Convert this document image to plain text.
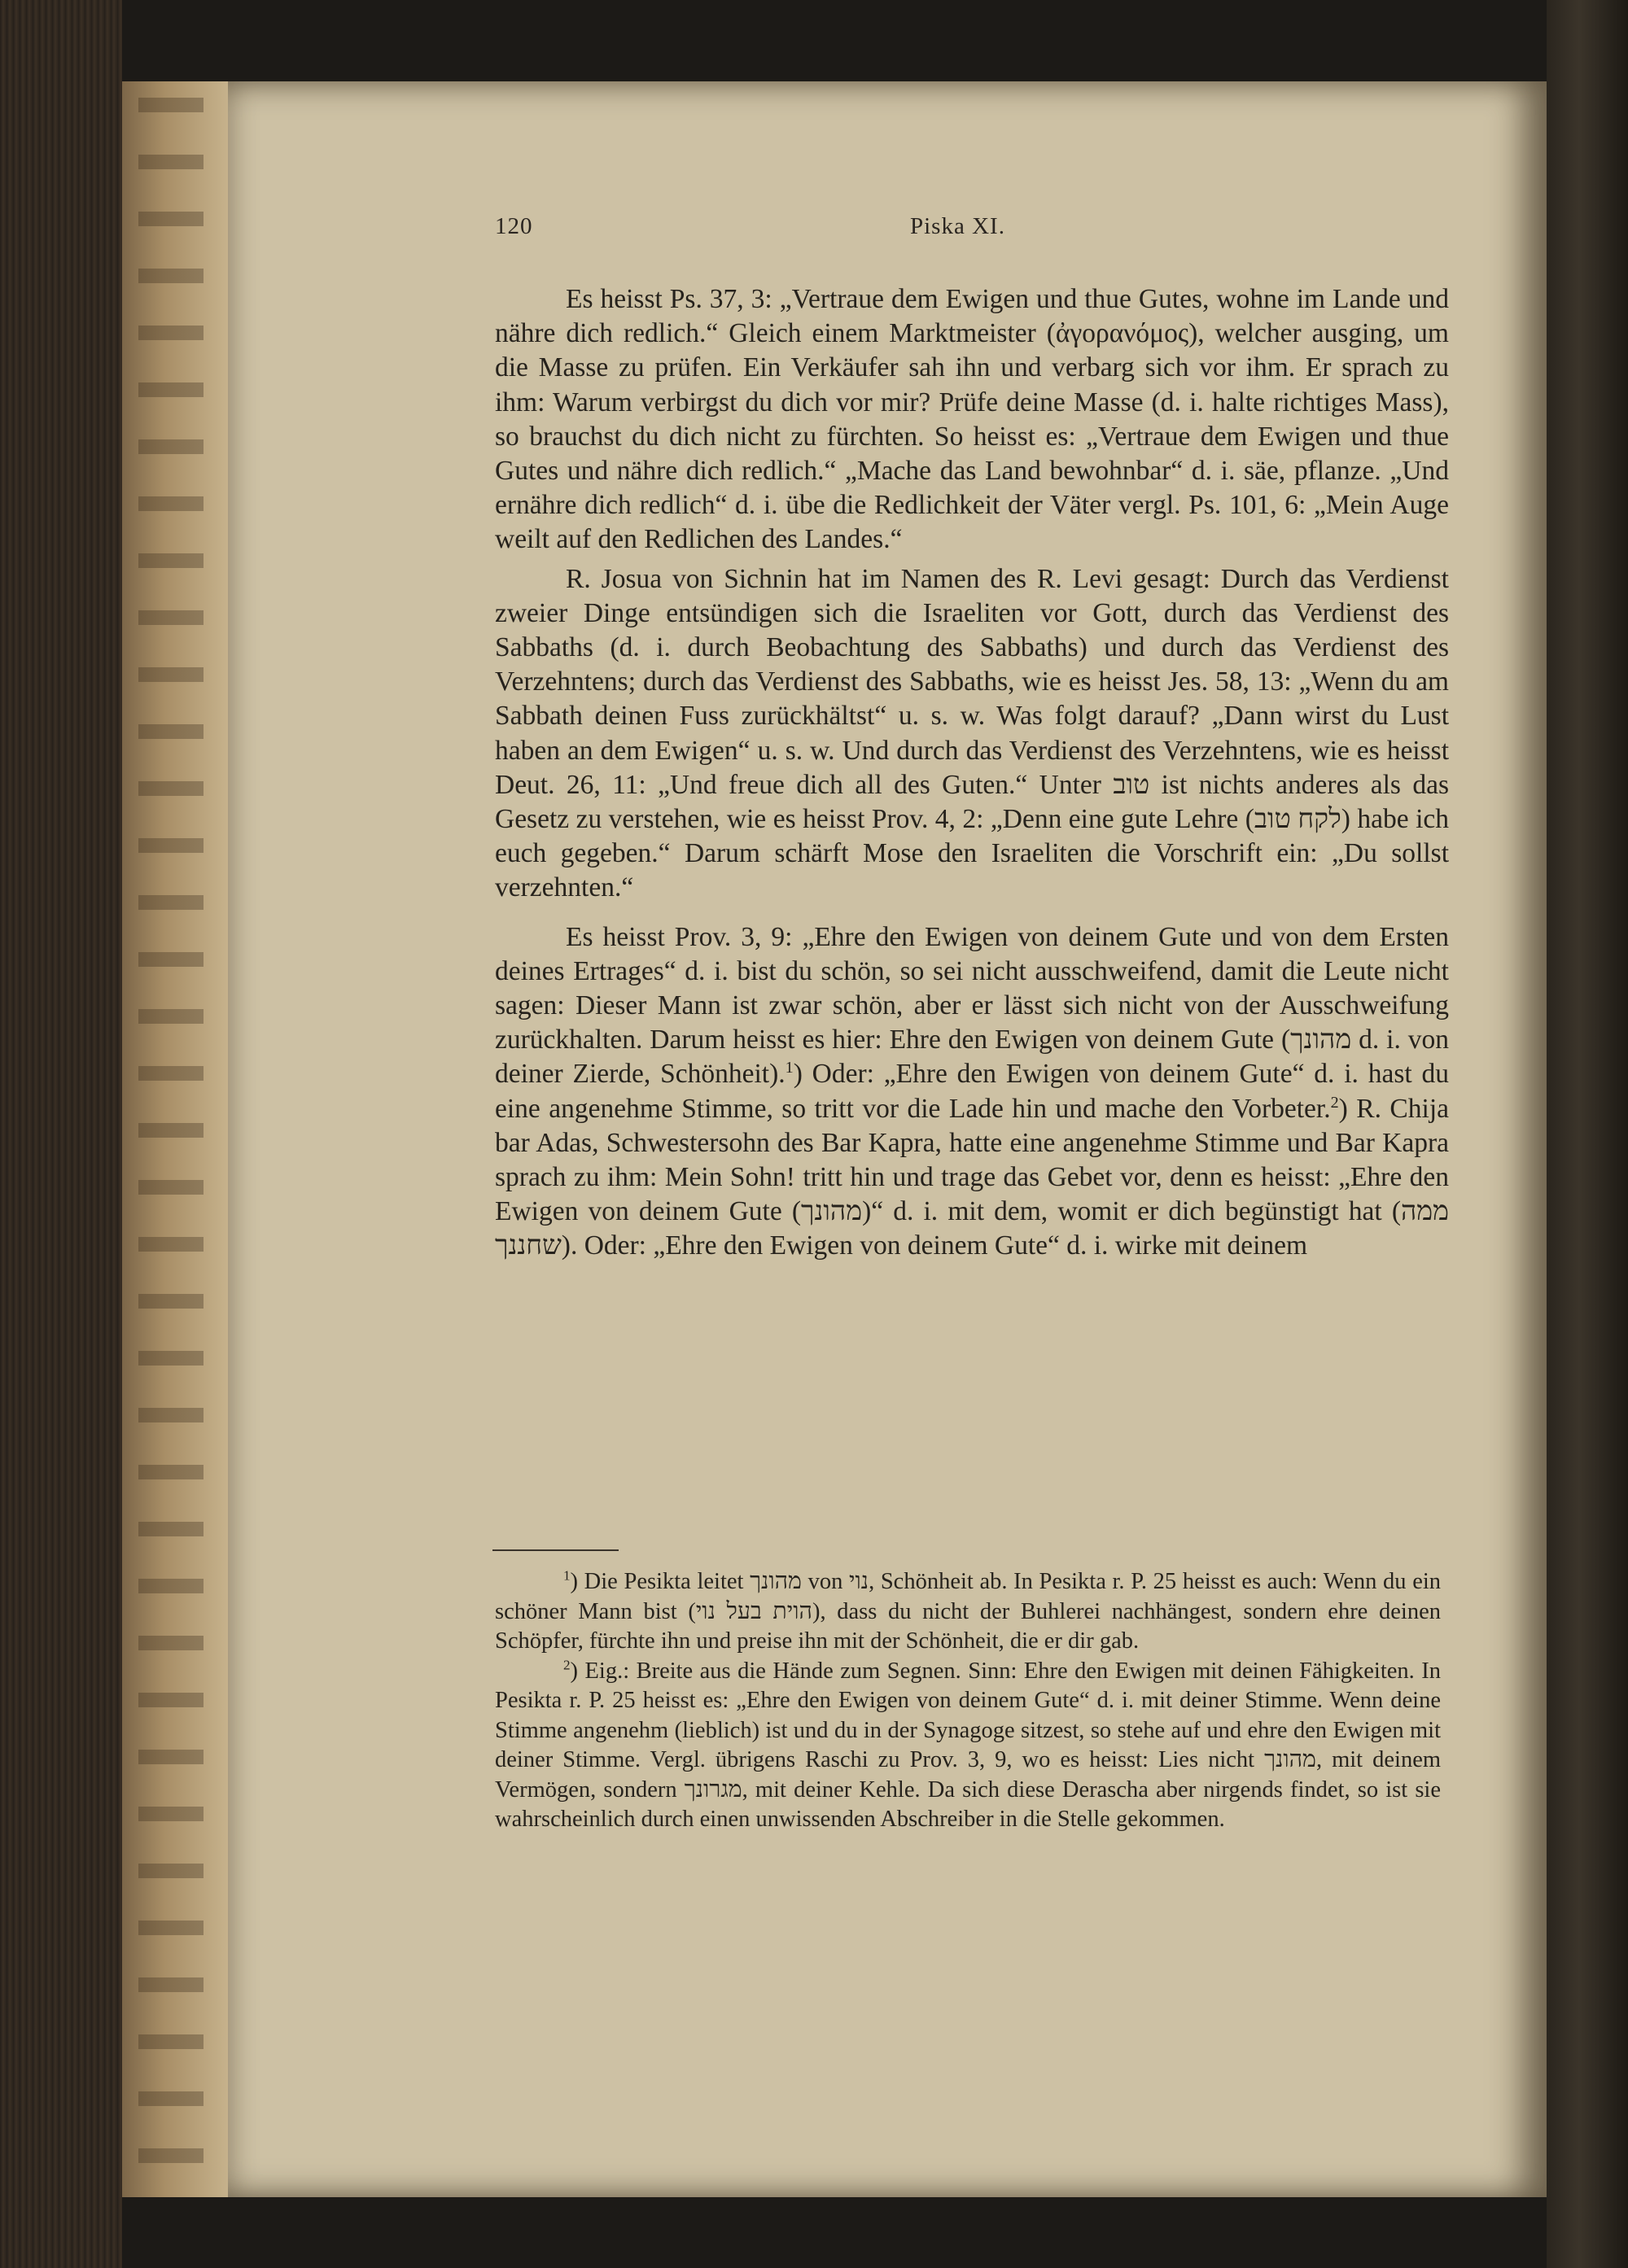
120	Piska XI.

Es heisst Ps. 37, 3: „Vertraue dem Ewigen und thue Gutes, wohne im Lande und nähre dich redlich.“ Gleich einem Marktmeister (ἀγορανόμος), welcher ausging, um die Masse zu prüfen. Ein Verkäufer sah ihn und verbarg sich vor ihm. Er sprach zu ihm: Warum verbirgst du dich vor mir? Prüfe deine Masse (d. i. halte richtiges Mass), so brauchst du dich nicht zu fürchten. So heisst es: „Vertraue dem Ewigen und thue Gutes und nähre dich redlich.“ „Mache das Land bewohnbar“ d. i. säe, pflanze. „Und ernähre dich redlich“ d. i. übe die Redlichkeit der Väter vergl. Ps. 101, 6: „Mein Auge weilt auf den Redlichen des Landes.“

R. Josua von Sichnin hat im Namen des R. Levi gesagt: Durch das Verdienst zweier Dinge entsündigen sich die Israeliten vor Gott, durch das Verdienst des Sabbaths (d. i. durch Beobachtung des Sabbaths) und durch das Verdienst des Verzehntens; durch das Verdienst des Sabbaths, wie es heisst Jes. 58, 13: „Wenn du am Sabbath deinen Fuss zurückhältst“ u. s. w. Was folgt darauf? „Dann wirst du Lust haben an dem Ewigen“ u. s. w. Und durch das Verdienst des Verzehntens, wie es heisst Deut. 26, 11: „Und freue dich all des Guten.“ Unter טוב ist nichts anderes als das Gesetz zu verstehen, wie es heisst Prov. 4, 2: „Denn eine gute Lehre (לקח טוב) habe ich euch gegeben.“ Darum schärft Mose den Israeliten die Vorschrift ein: „Du sollst verzehnten.“

Es heisst Prov. 3, 9: „Ehre den Ewigen von deinem Gute und von dem Ersten deines Ertrages“ d. i. bist du schön, so sei nicht ausschweifend, damit die Leute nicht sagen: Dieser Mann ist zwar schön, aber er lässt sich nicht von der Ausschweifung zurückhalten. Darum heisst es hier: Ehre den Ewigen von deinem Gute (מהונך d. i. von deiner Zierde, Schönheit).$^1$) Oder: „Ehre den Ewigen von deinem Gute“ d. i. hast du eine angenehme Stimme, so tritt vor die Lade hin und mache den Vorbeter.$^2$) R. Chija bar Adas, Schwestersohn des Bar Kapra, hatte eine angenehme Stimme und Bar Kapra sprach zu ihm: Mein Sohn! tritt hin und trage das Gebet vor, denn es heisst: „Ehre den Ewigen von deinem Gute (מהונך)“ d. i. mit dem, womit er dich begünstigt hat (ממה שחננך). Oder: „Ehre den Ewigen von deinem Gute“ d. i. wirke mit deinem

$^1$) Die Pesikta leitet מהונך von נוי, Schönheit ab. In Pesikta r. P. 25 heisst es auch: Wenn du ein schöner Mann bist (הוית בעל נוי), dass du nicht der Buhlerei nachhängest, sondern ehre deinen Schöpfer, fürchte ihn und preise ihn mit der Schönheit, die er dir gab.

$^2$) Eig.: Breite aus die Hände zum Segnen. Sinn: Ehre den Ewigen mit deinen Fähigkeiten. In Pesikta r. P. 25 heisst es: „Ehre den Ewigen von deinem Gute“ d. i. mit deiner Stimme. Wenn deine Stimme angenehm (lieblich) ist und du in der Synagoge sitzest, so stehe auf und ehre den Ewigen mit deiner Stimme. Vergl. übrigens Raschi zu Prov. 3, 9, wo es heisst: Lies nicht מהונך, mit deinem Vermögen, sondern מגרונך, mit deiner Kehle. Da sich diese Derascha aber nirgends findet, so ist sie wahrscheinlich durch einen unwissenden Abschreiber in die Stelle gekommen.
